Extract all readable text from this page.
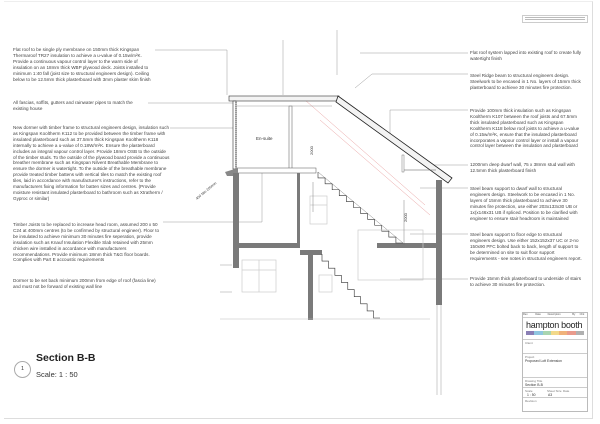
2000
2000
En-suite
400 Min 200mm
Flat roof to be single ply membrane on 150mm thick Kingspan Thermaroof TR27 insulation to achieve a u-value of 0.15w/m²K. Provide a continuous vapour control layer to the warm side of insulation on an 18mm thick WBP plywood deck. Joists installed to minimum 1:40 fall (joist size to structural engineers design). Ceiling below to be 12.5mm thick plasterboard with 3mm plaster skim finish
All fascias, soffits, gutters and rainwater pipes to match the existing house
New dormer with timber frame to structural engineers design, insulation such as Kingspan Kooltherm K112 to be provided between the timber frame with insulated plasterboard such as 37.5mm thick Kingspan Kooltherm K118 internally to achieve a u-value of 0.18W/m²K. Ensure the plasterboard includes an integral vapour control layer. Provide 18mm OSB to the outside of the timber studs. To the outside of the plywood board provide a continuous breather membrane such as Kingspan Nilvent Breathable Membrane to ensure the dormer is watertight. To the outside of the breathable membrane provide treated timber battens with vertical tiles to match the existing roof tiles, laid in accordance with manufacturer's instructions, refer to the manufacturers fixing information for batten sizes and centres. (Provide moisture resistant insulated plasterboard to bathroom such as Xtratherm / Gyproc or similar)
Timber Joists to be replaced to increase head room, assumed 200 x 50 C24 at 400mm centres (to be confirmed by structural engineer). Floor to be insulated to achieve minimum 30 minutes fire seperation, provide insulation such as Knauf Insulation Flexible Slab retained with 25mm chicken wire installed in accordance with manufacturers recommendations. Provide minimum 18mm thick T&G floor boards. Complies with Part E accoustic requirements
Dormer to be set back minimum 200mm from edge of roof (fascia line) and must not be forward of existing wall line
Flat roof system lapped into existing roof to create fully watertight finish
Steel Ridge beam to structural engineers design. Steelwork to be encased in 1 No. layers of 15mm thick plasterboard to achieve 30 minutes fire protection.
Provide 100mm thick insulation such as Kingspan Kooltherm K107 between the roof joists and 67.5mm thick insulated plasterboard such as Kingspan Kooltherm K118 below roof joists to achieve a u-value of 0.15w/m²K, ensure that the insulated plasterboard incorporates a vapour control layer or install a vapour control layer between the insulation and plasterboard
1200mm deep dwarf wall, 75 x 38mm stud wall with 12.5mm thick plasterboard finish
Steel beam support to dwarf wall to structural engineers design. Steelwork to be encased in 1 No. layers of 15mm thick plasterboard to achieve 30 minutes fire protection, use either 203x133x30 UB or 1x(x146x31 UB if spliced. Position to be clarified with engineer to ensure stair headroom is maintained
Steel beam support to floor edge to structural engineers design. Use either 152x152x37 UC or 2-no 150x90 PFC bolted back to back, length of support to be determined on site to suit floor support requirements - see notes in structural engineers report.
Provide 15mm thick plasterboard to underside of stairs to achieve 30 minutes fire protection.
1
Section B-B
Scale: 1 : 50
Rev	Date	Description	By	Chk
hampton booth
Client
Project
Proposed Loft Extension
Drawing Title
Section B-B
Scale
1 : 50
Sheet Size
A3
Date
Revision
